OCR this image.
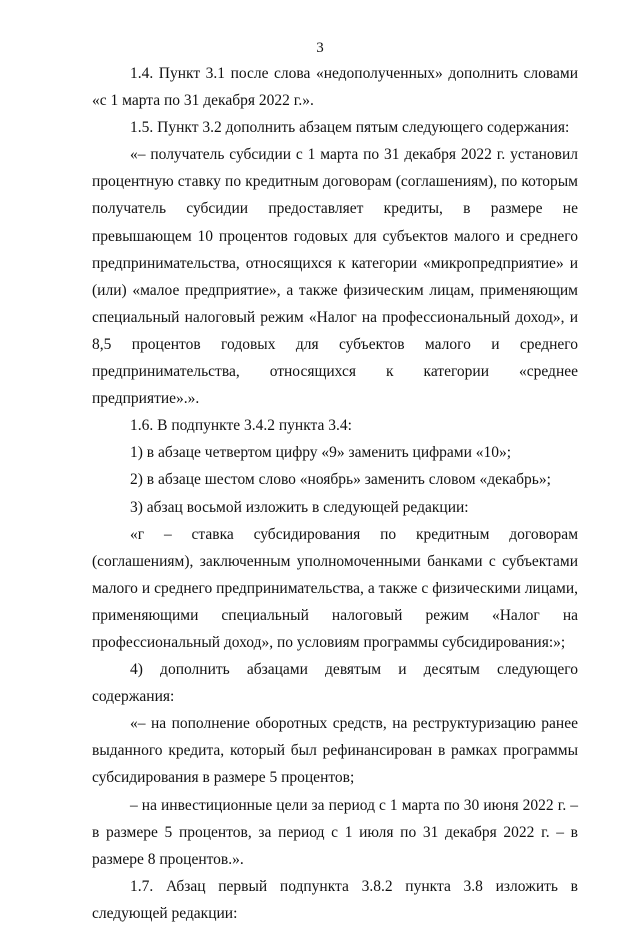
3

1.4. Пункт 3.1 после слова «недополученных» дополнить словами «с 1 марта по 31 декабря 2022 г.».

1.5. Пункт 3.2 дополнить абзацем пятым следующего содержания:

«– получатель субсидии с 1 марта по 31 декабря 2022 г. установил процентную ставку по кредитным договорам (соглашениям), по которым получатель субсидии предоставляет кредиты, в размере не превышающем 10 процентов годовых для субъектов малого и среднего предпринимательства, относящихся к категории «микропредприятие» и (или) «малое предприятие», а также физическим лицам, применяющим специальный налоговый режим «Налог на профессиональный доход», и 8,5 процентов годовых для субъектов малого и среднего предпринимательства, относящихся к категории «среднее предприятие».».

1.6. В подпункте 3.4.2 пункта 3.4:

1) в абзаце четвертом цифру «9» заменить цифрами «10»;

2) в абзаце шестом слово «ноябрь» заменить словом «декабрь»;

3) абзац восьмой изложить в следующей редакции:

«г – ставка субсидирования по кредитным договорам (соглашениям), заключенным уполномоченными банками с субъектами малого и среднего предпринимательства, а также с физическими лицами, применяющими специальный налоговый режим «Налог на профессиональный доход», по условиям программы субсидирования:»;

4) дополнить абзацами девятым и десятым следующего содержания:

«– на пополнение оборотных средств, на реструктуризацию ранее выданного кредита, который был рефинансирован в рамках программы субсидирования в размере 5 процентов;

– на инвестиционные цели за период с 1 марта по 30 июня 2022 г. – в размере 5 процентов, за период с 1 июля по 31 декабря 2022 г. – в размере 8 процентов.».

1.7. Абзац первый подпункта 3.8.2 пункта 3.8 изложить в следующей редакции:
